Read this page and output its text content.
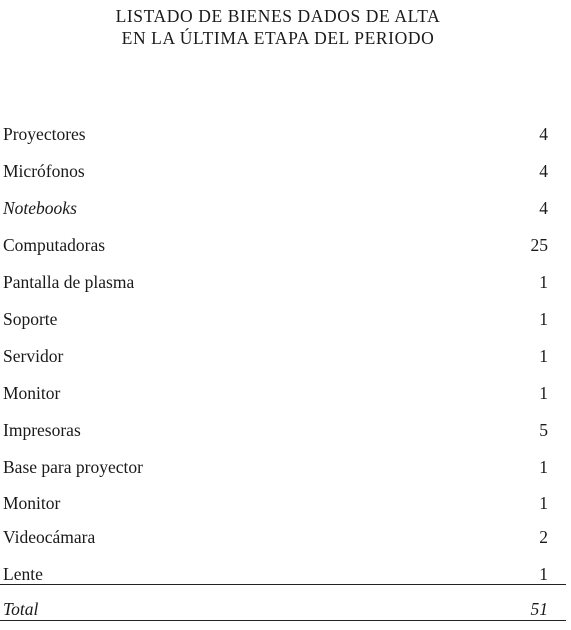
LISTADO DE BIENES DADOS DE ALTA
EN LA ÚLTIMA ETAPA DEL PERIODO
Proyectores	4
Micrófonos	4
Notebooks	4
Computadoras	25
Pantalla de plasma	1
Soporte	1
Servidor	1
Monitor	1
Impresoras	5
Base para proyector	1
Monitor	1
Videocámara	2
Lente	1
Total	51
